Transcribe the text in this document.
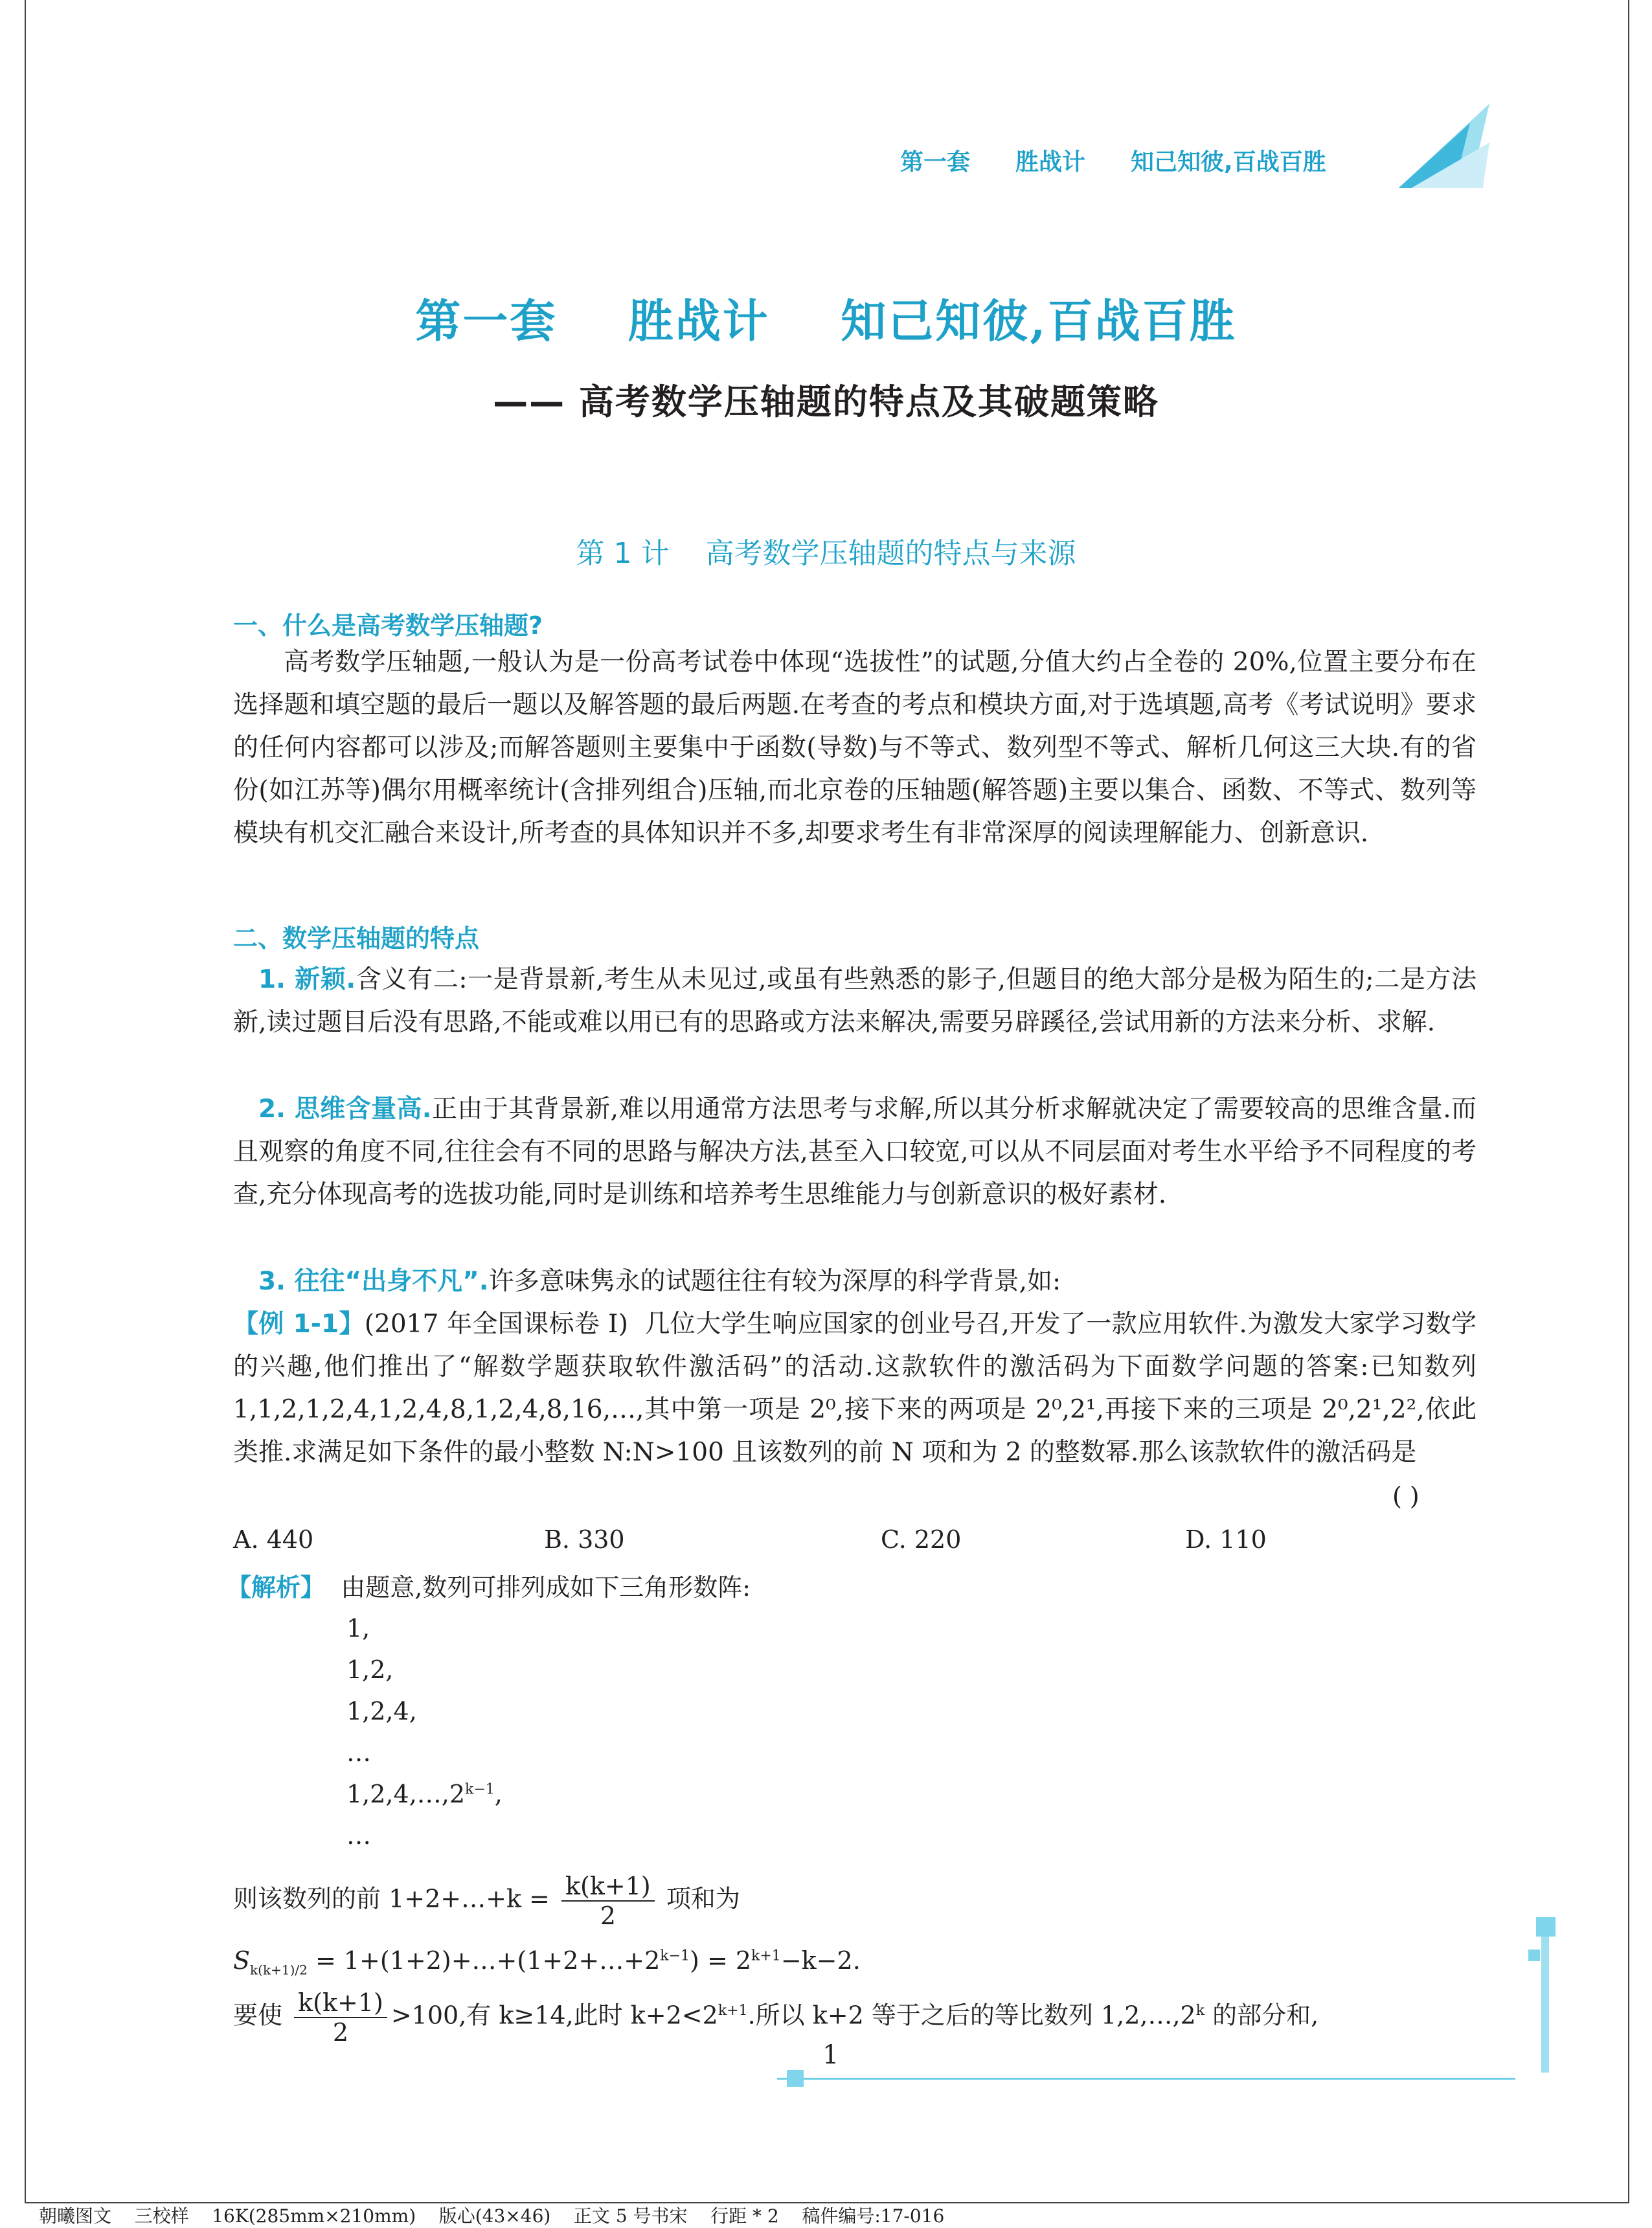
第一套 胜战计 知己知彼,百战百胜
第一套    胜战计    知己知彼,百战百胜
—— 高考数学压轴题的特点及其破题策略
第 1 计    高考数学压轴题的特点与来源
一、什么是高考数学压轴题?
高考数学压轴题,一般认为是一份高考试卷中体现“选拔性”的试题,分值大约占全卷的 20%,位置主要分布在选择题和填空题的最后一题以及解答题的最后两题.在考查的考点和模块方面,对于选填题,高考《考试说明》要求的任何内容都可以涉及;而解答题则主要集中于函数(导数)与不等式、数列型不等式、解析几何这三大块.有的省份(如江苏等)偶尔用概率统计(含排列组合)压轴,而北京卷的压轴题(解答题)主要以集合、函数、不等式、数列等模块有机交汇融合来设计,所考查的具体知识并不多,却要求考生有非常深厚的阅读理解能力、创新意识.
二、数学压轴题的特点
1. 新颖.含义有二:一是背景新,考生从未见过,或虽有些熟悉的影子,但题目的绝大部分是极为陌生的;二是方法新,读过题目后没有思路,不能或难以用已有的思路或方法来解决,需要另辟蹊径,尝试用新的方法来分析、求解.
2. 思维含量高.正由于其背景新,难以用通常方法思考与求解,所以其分析求解就决定了需要较高的思维含量.而且观察的角度不同,往往会有不同的思路与解决方法,甚至入口较宽,可以从不同层面对考生水平给予不同程度的考查,充分体现高考的选拔功能,同时是训练和培养考生思维能力与创新意识的极好素材.
3. 往往“出身不凡”.许多意味隽永的试题往往有较为深厚的科学背景,如:
【例 1-1】(2017 年全国课标卷 Ⅰ) 几位大学生响应国家的创业号召,开发了一款应用软件.为激发大家学习数学的兴趣,他们推出了“解数学题获取软件激活码”的活动.这款软件的激活码为下面数学问题的答案:已知数列 1,1,2,1,2,4,1,2,4,8,1,2,4,8,16,…,其中第一项是 2⁰,接下来的两项是 2⁰,2¹,再接下来的三项是 2⁰,2¹,2²,依此类推.求满足如下条件的最小整数 N:N>100 且该数列的前 N 项和为 2 的整数幂.那么该款软件的激活码是
( )
A. 440	B. 330	C. 220	D. 110
【解析】 由题意,数列可排列成如下三角形数阵:
1,
1,2,
1,2,4,
…
$1,2,4,\dots,2^{k-1}$,
…
则该数列的前 1+2+…+k = $\frac{k(k+1)}{2}$ 项和为
$S_{k(k+1)/2}$ = $1+(1+2)+\dots+(1+2+\dots+2^{k-1}) = 2^{k+1}-k-2$.
要使 $\frac{k(k+1)}{2} >100$,有 k≥14,此时 $k+2<2^{k+1}$.所以 k+2 等于之后的等比数列 1,2,…,2$^k$ 的部分和,
1
朝曦图文    三校样    16K(285mm×210mm)    版心(43×46)    正文 5 号书宋    行距 * 2    稿件编号:17-016
